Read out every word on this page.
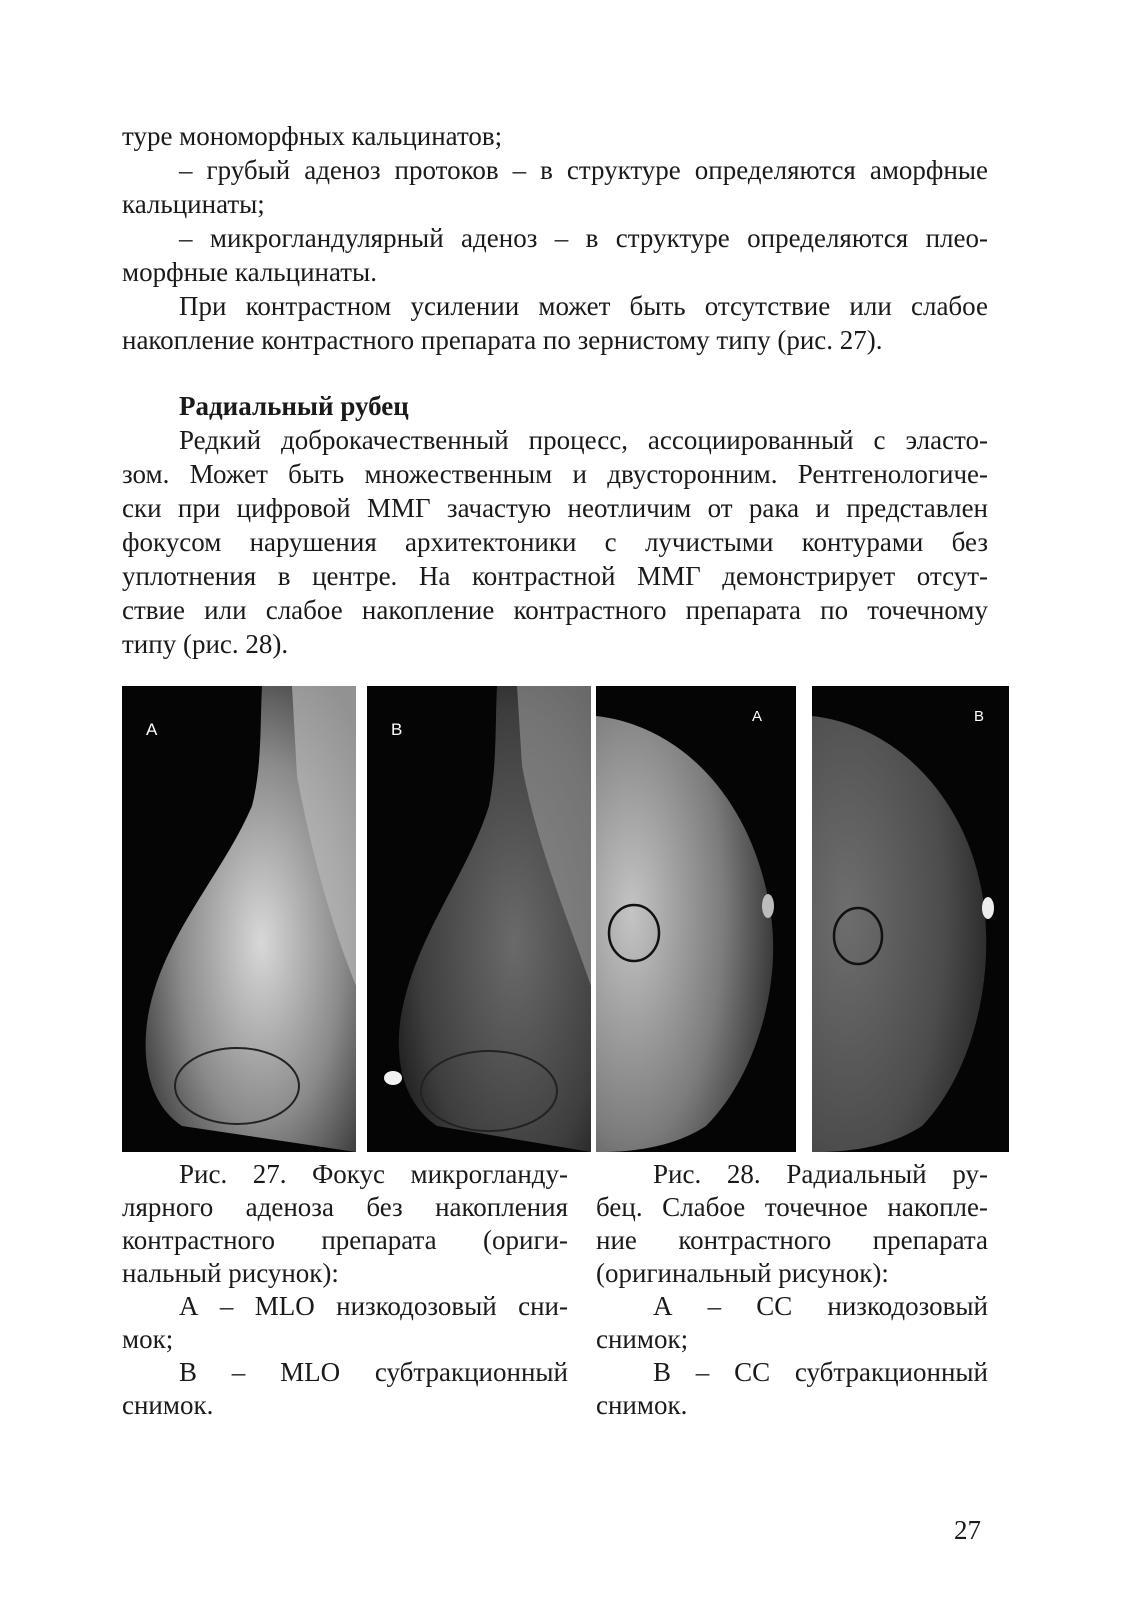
туре мономорфных кальцинатов;
– грубый аденоз протоков – в структуре определяются аморфные
кальцинаты;
– микрогландулярный аденоз – в структуре определяются плео-
морфные кальцинаты.
При контрастном усилении может быть отсутствие или слабое
накопление контрастного препарата по зернистому типу (рис. 27).
Радиальный рубец
Редкий доброкачественный процесс, ассоциированный с эласто-
зом. Может быть множественным и двусторонним. Рентгенологиче-
ски при цифровой ММГ зачастую неотличим от рака и представлен
фокусом нарушения архитектоники с лучистыми контурами без
уплотнения в центре. На контрастной ММГ демонстрирует отсут-
ствие или слабое накопление контрастного препарата по точечному
типу (рис. 28).
A	B
A	B
Рис. 27. Фокус микрогланду-
лярного аденоза без накопления
контрастного препарата (ориги-
нальный рисунок):
А – MLO низкодозовый сни-
мок;
В – MLO субтракционный
снимок.
Рис. 28. Радиальный ру-
бец. Слабое точечное накопле-
ние контрастного препарата
(оригинальный рисунок):
А – СС низкодозовый
снимок;
В – СС субтракционный
снимок.
27
